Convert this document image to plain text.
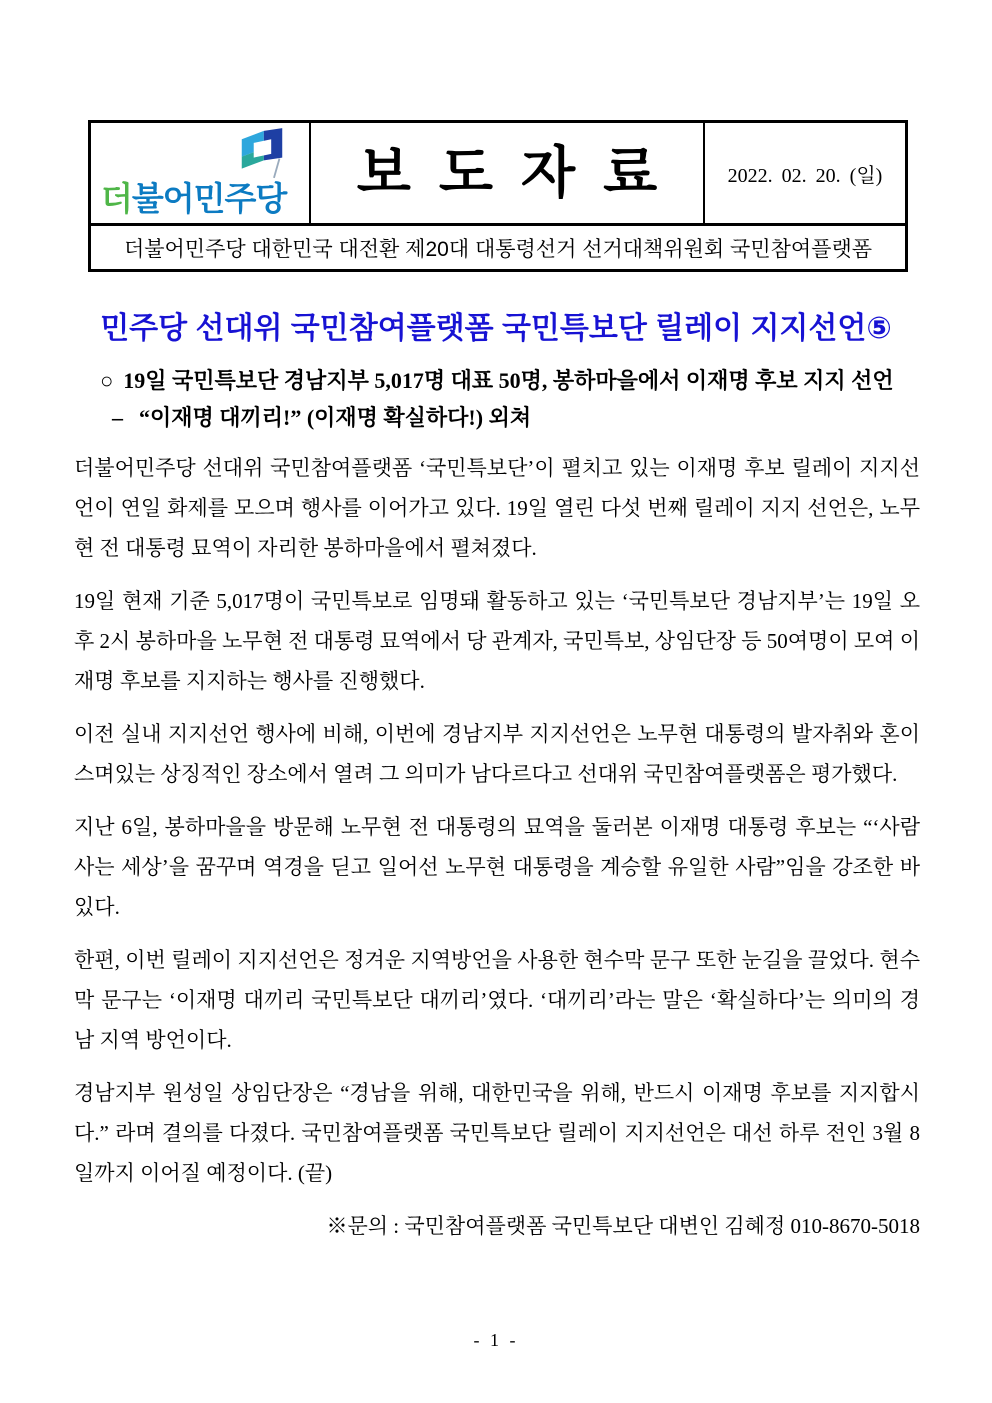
더불어민주당	보도자료 2022. 02. 20. (일)
더불어민주당 대한민국 대전환 제20대 대통령선거 선거대책위원회 국민참여플랫폼
민주당 선대위 국민참여플랫폼 국민특보단 릴레이 지지선언⑤
○ 19일 국민특보단 경남지부 5,017명 대표 50명, 봉하마을에서 이재명 후보 지지 선언
– “이재명 대끼리!” (이재명 확실하다!) 외쳐

더불어민주당 선대위 국민참여플랫폼 ‘국민특보단’이 펼치고 있는 이재명 후보 릴레이 지지선언이 연일 화제를 모으며 행사를 이어가고 있다. 19일 열린 다섯 번째 릴레이 지지 선언은, 노무현 전 대통령 묘역이 자리한 봉하마을에서 펼쳐졌다.

19일 현재 기준 5,017명이 국민특보로 임명돼 활동하고 있는 ‘국민특보단 경남지부’는 19일 오후 2시 봉하마을 노무현 전 대통령 묘역에서 당 관계자, 국민특보, 상임단장 등 50여명이 모여 이재명 후보를 지지하는 행사를 진행했다.

이전 실내 지지선언 행사에 비해, 이번에 경남지부 지지선언은 노무현 대통령의 발자취와 혼이 스며있는 상징적인 장소에서 열려 그 의미가 남다르다고 선대위 국민참여플랫폼은 평가했다.

지난 6일, 봉하마을을 방문해 노무현 전 대통령의 묘역을 둘러본 이재명 대통령 후보는 “‘사람 사는 세상’을 꿈꾸며 역경을 딛고 일어선 노무현 대통령을 계승할 유일한 사람”임을 강조한 바 있다.

한편, 이번 릴레이 지지선언은 정겨운 지역방언을 사용한 현수막 문구 또한 눈길을 끌었다. 현수막 문구는 ‘이재명 대끼리 국민특보단 대끼리’였다. ‘대끼리’라는 말은 ‘확실하다’는 의미의 경남 지역 방언이다.

경남지부 원성일 상임단장은 “경남을 위해, 대한민국을 위해, 반드시 이재명 후보를 지지합시다.” 라며 결의를 다졌다. 국민참여플랫폼 국민특보단 릴레이 지지선언은 대선 하루 전인 3월 8일까지 이어질 예정이다. (끝)

※문의 : 국민참여플랫폼 국민특보단 대변인 김혜정 010-8670-5018

- 1 -
